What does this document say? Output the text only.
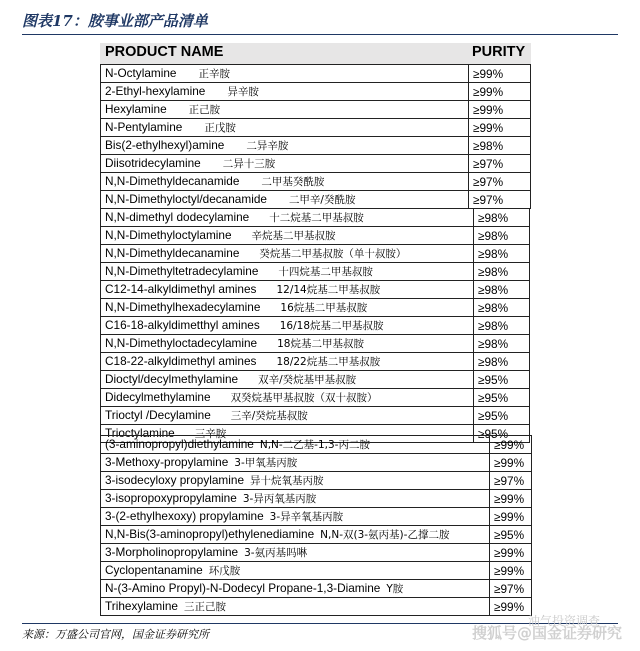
图表17：胺事业部产品清单
PRODUCT NAME	PURITY
N-Octylamine 正辛胺	≥99%
2-Ethyl-hexylamine 异辛胺	≥99%
Hexylamine 正己胺	≥99%
N-Pentylamine 正戊胺	≥99%
Bis(2-ethylhexyl)amine 二异辛胺	≥98%
Diisotridecylamine 二异十三胺	≥97%
N,N-Dimethyldecanamide 二甲基癸酰胺	≥97%
N,N-Dimethyloctyl/decanamide 二甲辛/癸酰胺	≥97%
N,N-dimethyl dodecylamine 十二烷基二甲基叔胺	≥98%
N,N-Dimethyloctylamine 辛烷基二甲基叔胺	≥98%
N,N-Dimethyldecanamine 癸烷基二甲基叔胺（单十叔胺）	≥98%
N,N-Dimethyltetradecylamine 十四烷基二甲基叔胺	≥98%
C12-14-alkyldimethyl amines 12/14烷基二甲基叔胺	≥98%
N,N-Dimethylhexadecylamine 16烷基二甲基叔胺	≥98%
C16-18-alkyldimetthyl amines 16/18烷基二甲基叔胺	≥98%
N,N-Dimethyloctadecylamine 18烷基二甲基叔胺	≥98%
C18-22-alkyldimethyl amines 18/22烷基二甲基叔胺	≥98%
Dioctyl/decylmethylamine 双辛/癸烷基甲基叔胺	≥95%
Didecylmethylamine 双癸烷基甲基叔胺（双十叔胺）	≥95%
Trioctyl /Decylamine 三辛/癸烷基叔胺	≥95%
Trioctylamine 三辛胺	≥95%
(3-aminopropyl)diethylamine N,N-二乙基-1,3-丙二胺	≥99%
3-Methoxy-propylamine 3-甲氧基丙胺	≥99%
3-isodecyloxy propylamine 异十烷氧基丙胺	≥97%
3-isopropoxypropylamine 3-异丙氧基丙胺	≥99%
3-(2-ethylhexoxy) propylamine 3-异辛氧基丙胺	≥99%
N,N-Bis(3-aminopropyl)ethylenediamine N,N-双(3-氨丙基)-乙撑二胺	≥95%
3-Morpholinopropylamine 3-氨丙基吗啉	≥99%
Cyclopentanamine 环戊胺	≥99%
N-(3-Amino Propyl)-N-Dodecyl Propane-1,3-Diamine Y胺	≥97%
Trihexylamine 三正己胺	≥99%
来源：万盛公司官网，国金证券研究所
油气投资调查
搜狐号@国金证券研究
